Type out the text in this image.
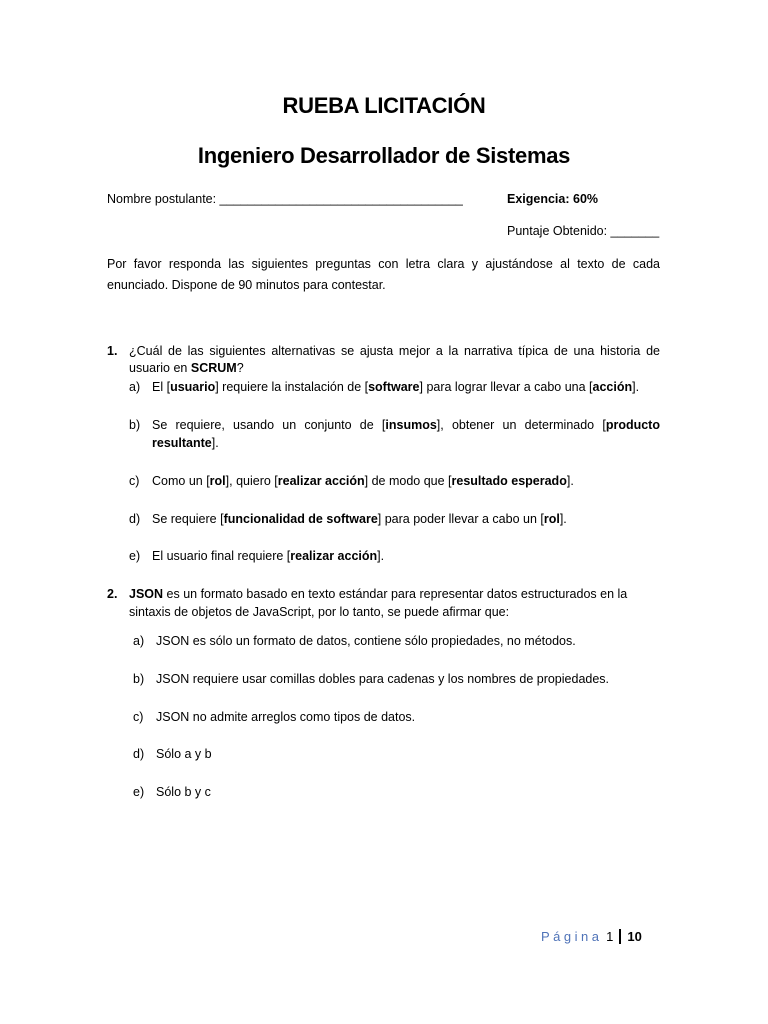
RUEBA LICITACIÓN
Ingeniero Desarrollador de Sistemas
Nombre postulante: ___________________________________	Exigencia: 60%
Puntaje Obtenido: _______
Por favor responda las siguientes preguntas con letra clara y ajustándose al texto de cada
enunciado. Dispone de 90 minutos para contestar.
1. ¿Cuál de las siguientes alternativas se ajusta mejor a la narrativa típica de una historia de
usuario en SCRUM?
a) El [usuario] requiere la instalación de [software] para lograr llevar a cabo una [acción].
b) Se requiere, usando un conjunto de [insumos], obtener un determinado [producto
resultante].
c) Como un [rol], quiero [realizar acción] de modo que [resultado esperado].
d) Se requiere [funcionalidad de software] para poder llevar a cabo un [rol].
e) El usuario final requiere [realizar acción].
2. JSON es un formato basado en texto estándar para representar datos estructurados en la
sintaxis de objetos de JavaScript, por lo tanto, se puede afirmar que:
a) JSON es sólo un formato de datos, contiene sólo propiedades, no métodos.
b) JSON requiere usar comillas dobles para cadenas y los nombres de propiedades.
c) JSON no admite arreglos como tipos de datos.
d) Sólo a y b
e) Sólo b y c
Página 1 10
